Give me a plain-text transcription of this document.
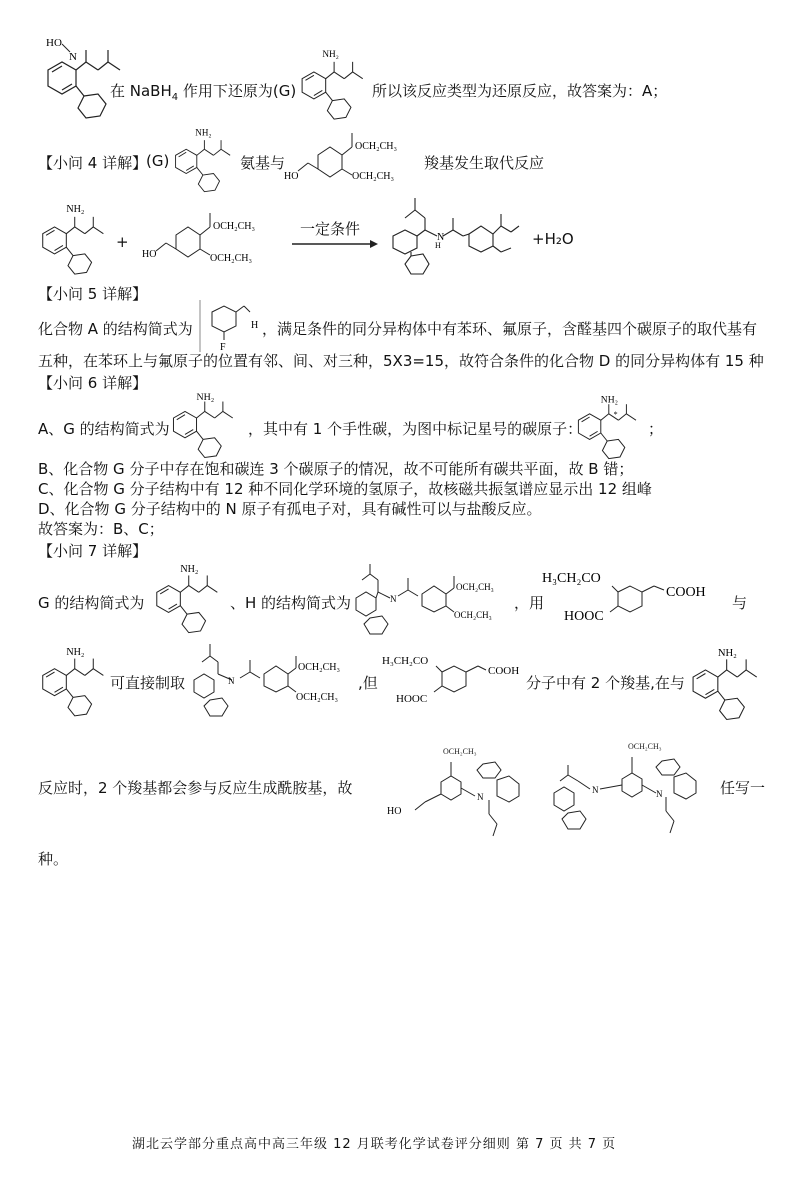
HO
N
在 NaBH$_4$ 作用下还原为(G)
NH₂
所以该反应类型为还原反应，故答案为：A；
【小问 4 详解】
(G)
NH₂
氨基与
HO
OCH₂CH₃
OCH₂CH₃
羧基发生取代反应
NH₂
+
HO
OCH₂CH₃
OCH₂CH₃
一定条件	N
H	+H₂O
【小问 5 详解】
化合物 A 的结构简式为	H
F
，满足条件的同分异构体中有苯环、氟原子，含醛基四个碳原子的取代基有
五种，在苯环上与氟原子的位置有邻、间、对三种，5X3=15，故符合条件的化合物 D 的同分异构体有 15 种
【小问 6 详解】
A、G 的结构简式为
NH₂
，其中有 1 个手性碳，为图中标记星号的碳原子：
NH₂
*
；
B、化合物 G 分子中存在饱和碳连 3 个碳原子的情况，故不可能所有碳共平面，故 B 错；
C、化合物 G 分子结构中有 12 种不同化学环境的氢原子，故核磁共振氢谱应显示出 12 组峰
D、化合物 G 分子结构中的 N 原子有孤电子对，具有碱性可以与盐酸反应。
故答案为：B、C；
【小问 7 详解】
G 的结构简式为
NH₂
、H 的结构简式为	N
OCH₂CH₃
OCH₂CH₃
，用
H₃CH₂CO
COOH
HOOC
与
NH₂
可直接制取	N
OCH₂CH₃
OCH₂CH₃
,但
H₃CH₂CO
COOH
HOOC
分子中有 2 个羧基,在与
NH₂
反应时，2 个羧基都会参与反应生成酰胺基，故
OCH₂CH₃
HO
N
OCH₂CH₃
N	N	任写一
种。
湖北云学部分重点高中高三年级 12 月联考化学试卷评分细则 第 7 页 共 7 页
